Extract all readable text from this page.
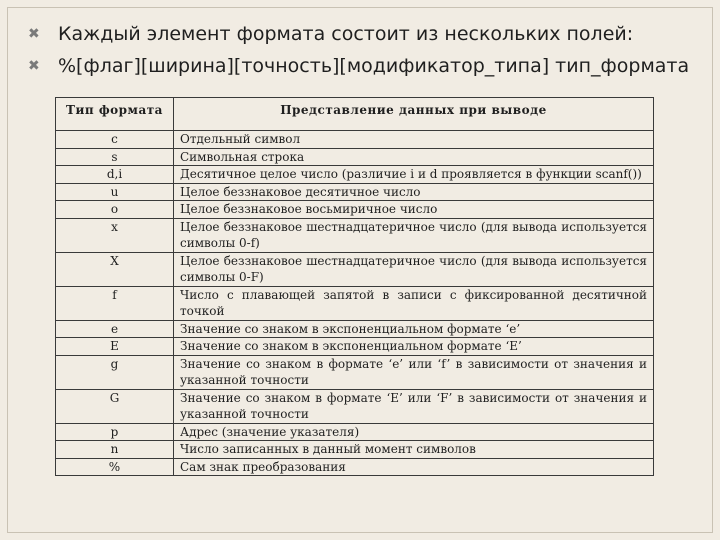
✖ Каждый элемент формата состоит из нескольких полей:
✖ %[флаг][ширина][точность][модификатор_типа] тип_формата
Тип формата	Представление данных при выводе
c	Отдельный символ
s	Символьная строка
d,i	Десятичное целое число (различие i и d проявляется в функции scanf())
u	Целое беззнаковое десятичное число
o	Целое беззнаковое восьмиричное число
x	Целое беззнаковое шестнадцатеричное число (для вывода используется символы 0-f)
X	Целое беззнаковое шестнадцатеричное число (для вывода используется символы 0-F)
f	Число с плавающей запятой в записи с фиксированной десятичной точкой
e	Значение со знаком в экспоненциальном формате ‘e’
E	Значение со знаком в экспоненциальном формате ‘E’
g	Значение со знаком в формате ‘e’ или ‘f’ в зависимости от значения и указанной точности
G	Значение со знаком в формате ‘E’ или ‘F’ в зависимости от значения и указанной точности
p	Адрес (значение указателя)
n	Число записанных в данный момент символов
%	Сам знак преобразования
